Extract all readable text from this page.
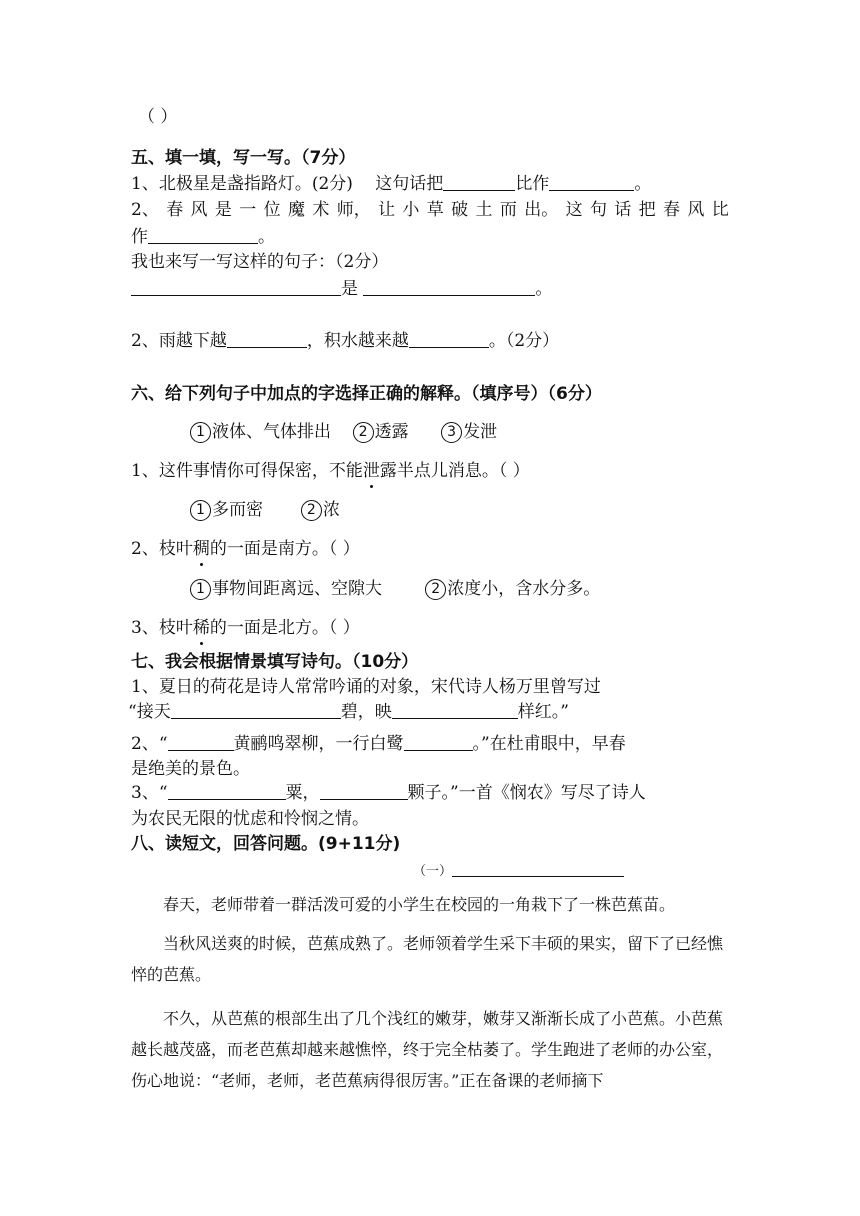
（ ）
五、填一填，写一写。（7分）
1、北极星是盏指路灯。(2分)　 这句话把	比作	。
2、 春 风 是 一 位 魔 术 师， 让 小 草 破 土 而 出。 这 句 话 把 春 风 比
作	。
我也来写一写这样的句子：（2分）
是	。
2、雨越下越	，积水越来越	。（2分）
六、给下列句子中加点的字选择正确的解释。（填序号）（6分）
1 液体、气体排出 2 透露	3 发泄
1、这件事情你可得保密，不能泄露半点儿消息。（ ）
1 多而密	2 浓
2、枝叶稠的一面是南方。（ ）
1 事物间距离远、空隙大	2 浓度小，含水分多。
3、枝叶稀的一面是北方。（ ）
七、我会根据情景填写诗句。（10分）
1、夏日的荷花是诗人常常吟诵的对象，宋代诗人杨万里曾写过
“接天	碧，映	样红。”
2、“	黄鹂鸣翠柳，一行白鹭	。”在杜甫眼中，早春
是绝美的景色。
3、“	粟，	颗子。”一首《悯农》写尽了诗人
为农民无限的忧虑和怜悯之情。
八、读短文，回答问题。(9+11分)
（一）
春天，老师带着一群活泼可爱的小学生在校园的一角栽下了一株芭蕉苗。
当秋风送爽的时候，芭蕉成熟了。老师领着学生采下丰硕的果实，留下了已经憔悴的芭蕉。
不久，从芭蕉的根部生出了几个浅红的嫩芽，嫩芽又渐渐长成了小芭蕉。小芭蕉越长越茂盛，而老芭蕉却越来越憔悴，终于完全枯萎了。学生跑进了老师的办公室，伤心地说：“老师，老师，老芭蕉病得很厉害。”正在备课的老师摘下
